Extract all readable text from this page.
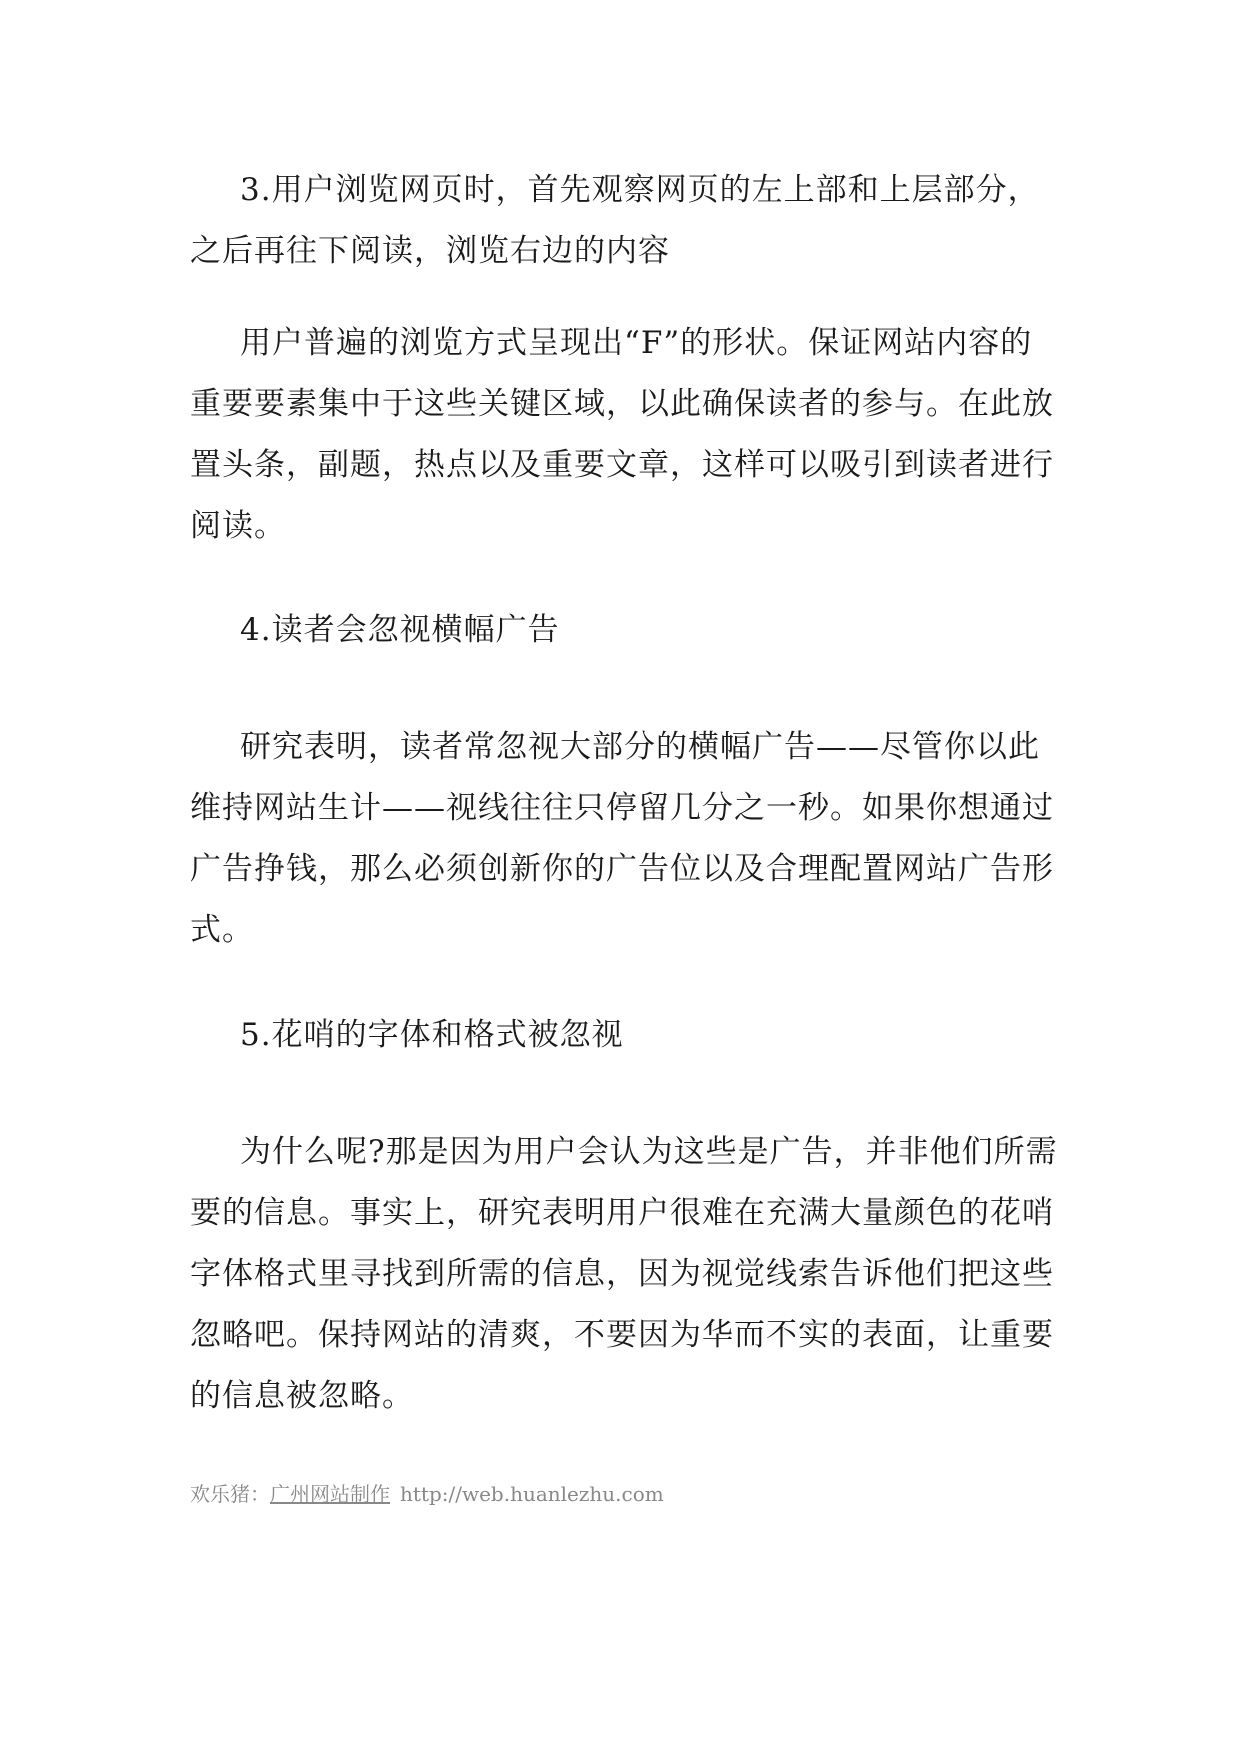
3.用户浏览网页时，首先观察网页的左上部和上层部分，之后再往下阅读，浏览右边的内容

用户普遍的浏览方式呈现出“F”的形状。保证网站内容的重要要素集中于这些关键区域，以此确保读者的参与。在此放置头条，副题，热点以及重要文章，这样可以吸引到读者进行阅读。

4.读者会忽视横幅广告

研究表明，读者常忽视大部分的横幅广告——尽管你以此维持网站生计——视线往往只停留几分之一秒。如果你想通过广告挣钱，那么必须创新你的广告位以及合理配置网站广告形式。

5.花哨的字体和格式被忽视

为什么呢?那是因为用户会认为这些是广告，并非他们所需要的信息。事实上，研究表明用户很难在充满大量颜色的花哨字体格式里寻找到所需的信息，因为视觉线索告诉他们把这些忽略吧。保持网站的清爽，不要因为华而不实的表面，让重要的信息被忽略。

欢乐猪：广州网站制作 http://web.huanlezhu.com
